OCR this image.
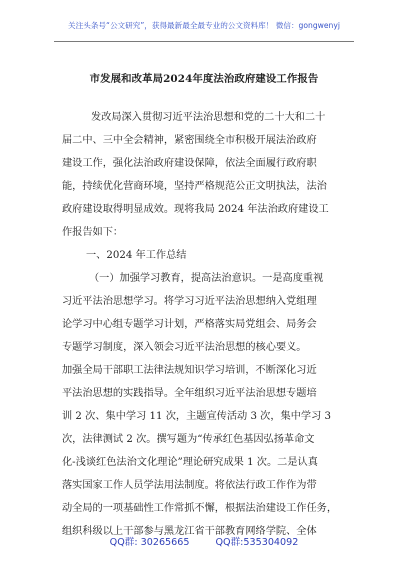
关注头条号“公文研究”，获得最新最全最专业的公文资料库！ 微信：gongwenyj
市发展和改革局2024年度法治政府建设工作报告
发改局深入贯彻习近平法治思想和党的二十大和二十
届二中、三中全会精神，紧密围绕全市积极开展法治政府
建设工作，强化法治政府建设保障，依法全面履行政府职
能，持续优化营商环境，坚持严格规范公正文明执法，法治
政府建设取得明显成效。现将我局 2024 年法治政府建设工
作报告如下：
一、2024 年工作总结
（一）加强学习教育，提高法治意识。一是高度重视
习近平法治思想学习。将学习习近平法治思想纳入党组理
论学习中心组专题学习计划，严格落实局党组会、局务会
专题学习制度，深入领会习近平法治思想的核心要义。
加强全局干部职工法律法规知识学习培训，不断深化习近
平法治思想的实践指导。全年组织习近平法治思想专题培
训 2 次、集中学习 11 次，主题宣传活动 3 次，集中学习 3
次，法律测试 2 次。撰写题为“传承红色基因弘扬革命文
化-浅谈红色法治文化理论”理论研究成果 1 次。二是认真
落实国家工作人员学法用法制度。将依法行政工作作为带
动全局的一项基础性工作常抓不懈，根据法治建设工作任务，
组织科级以上干部参与黑龙江省干部教育网络学院、全体
QQ群: 30265665	QQ群:535304092
